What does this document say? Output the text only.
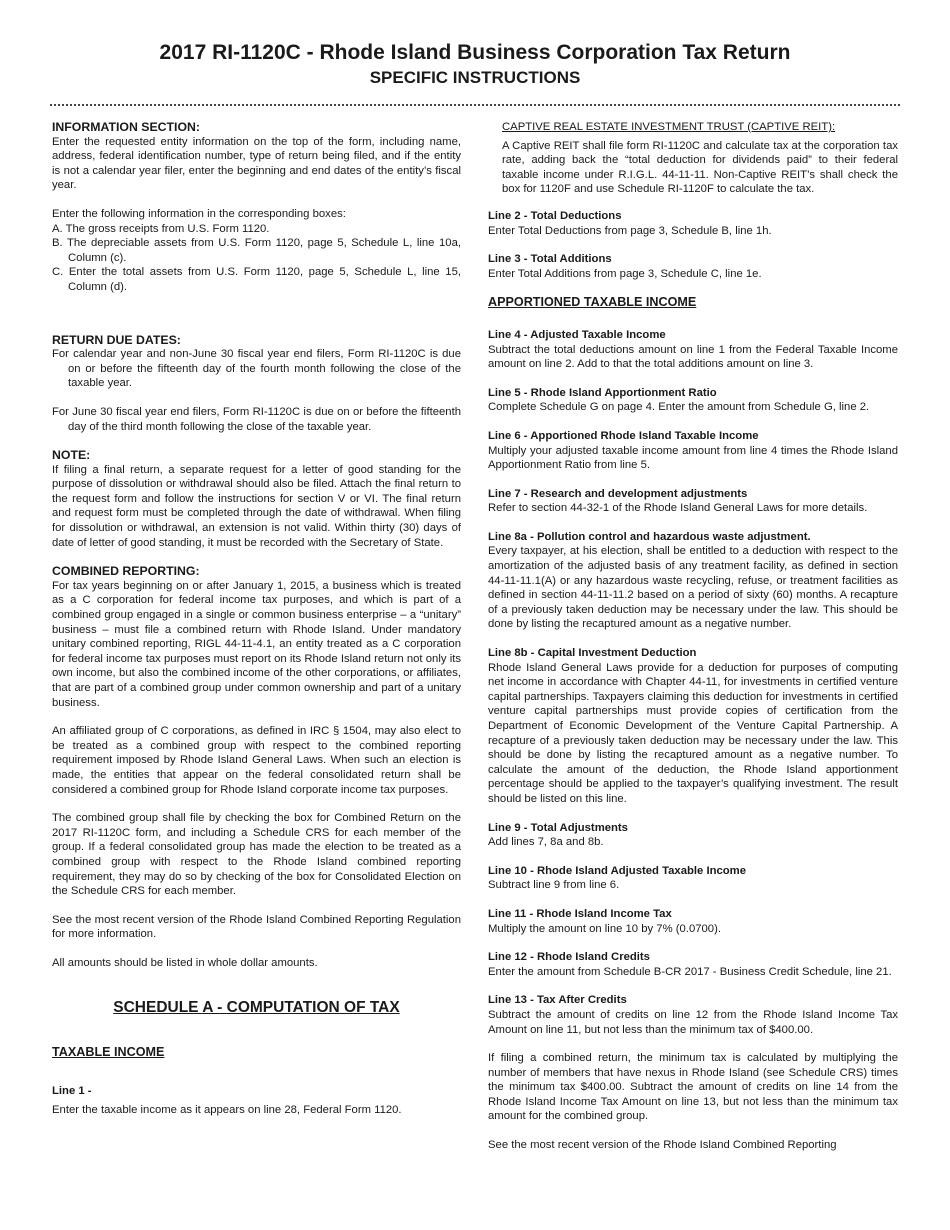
2017 RI-1120C - Rhode Island Business Corporation Tax Return
SPECIFIC INSTRUCTIONS
INFORMATION SECTION:

Enter the requested entity information on the top of the form, including name, address, federal identification number, type of return being filed, and if the entity is not a calendar year filer, enter the beginning and end dates of the entity’s fiscal year.

Enter the following information in the corresponding boxes:

A. The gross receipts from U.S. Form 1120.

B. The depreciable assets from U.S. Form 1120, page 5, Schedule L, line 10a, Column (c).

C. Enter the total assets from U.S. Form 1120, page 5, Schedule L, line 15, Column (d).

RETURN DUE DATES:

For calendar year and non-June 30 fiscal year end filers, Form RI-1120C is due on or before the fifteenth day of the fourth month following the close of the taxable year.

For June 30 fiscal year end filers, Form RI-1120C is due on or before the fifteenth day of the third month following the close of the taxable year.

NOTE:

If filing a final return, a separate request for a letter of good standing for the purpose of dissolution or withdrawal should also be filed. Attach the final return to the request form and follow the instructions for section V or VI. The final return and request form must be completed through the date of withdrawal. When filing for dissolution or withdrawal, an extension is not valid. Within thirty (30) days of date of letter of good standing, it must be recorded with the Secretary of State.

COMBINED REPORTING:

For tax years beginning on or after January 1, 2015, a business which is treated as a C corporation for federal income tax purposes, and which is part of a combined group engaged in a single or common business enterprise – a “unitary” business – must file a combined return with Rhode Island. Under mandatory unitary combined reporting, RIGL 44-11-4.1, an entity treated as a C corporation for federal income tax purposes must report on its Rhode Island return not only its own income, but also the combined income of the other corporations, or affiliates, that are part of a combined group under common ownership and part of a unitary business.

An affiliated group of C corporations, as defined in IRC § 1504, may also elect to be treated as a combined group with respect to the combined reporting requirement imposed by Rhode Island General Laws. When such an election is made, the entities that appear on the federal consolidated return shall be considered a combined group for Rhode Island corporate income tax purposes.

The combined group shall file by checking the box for Combined Return on the 2017 RI-1120C form, and including a Schedule CRS for each member of the group. If a federal consolidated group has made the election to be treated as a combined group with respect to the Rhode Island combined reporting requirement, they may do so by checking of the box for Consolidated Election on the Schedule CRS for each member.

See the most recent version of the Rhode Island Combined Reporting Regulation for more information.

All amounts should be listed in whole dollar amounts.

SCHEDULE A - COMPUTATION OF TAX
TAXABLE INCOME
Line 1 -

Enter the taxable income as it appears on line 28, Federal Form 1120.

CAPTIVE REAL ESTATE INVESTMENT TRUST (CAPTIVE REIT):

A Captive REIT shall file form RI-1120C and calculate tax at the corporation tax rate, adding back the “total deduction for dividends paid” to their federal taxable income under R.I.G.L. 44-11-11. Non-Captive REIT’s shall check the box for 1120F and use Schedule RI-1120F to calculate the tax.

Line 2 - Total Deductions

Enter Total Deductions from page 3, Schedule B, line 1h.

Line 3 - Total Additions

Enter Total Additions from page 3, Schedule C, line 1e.

APPORTIONED TAXABLE INCOME
Line 4 - Adjusted Taxable Income

Subtract the total deductions amount on line 1 from the Federal Taxable Income amount on line 2. Add to that the total additions amount on line 3.

Line 5 - Rhode Island Apportionment Ratio

Complete Schedule G on page 4. Enter the amount from Schedule G, line 2.

Line 6 - Apportioned Rhode Island Taxable Income

Multiply your adjusted taxable income amount from line 4 times the Rhode Island Apportionment Ratio from line 5.

Line 7 - Research and development adjustments

Refer to section 44-32-1 of the Rhode Island General Laws for more details.

Line 8a - Pollution control and hazardous waste adjustment.

Every taxpayer, at his election, shall be entitled to a deduction with respect to the amortization of the adjusted basis of any treatment facility, as defined in section 44-11-11.1(A) or any hazardous waste recycling, refuse, or treatment facilities as defined in section 44-11-11.2 based on a period of sixty (60) months. A recapture of a previously taken deduction may be necessary under the law. This should be done by listing the recaptured amount as a negative number.

Line 8b - Capital Investment Deduction

Rhode Island General Laws provide for a deduction for purposes of computing net income in accordance with Chapter 44-11, for investments in certified venture capital partnerships. Taxpayers claiming this deduction for investments in certified venture capital partnerships must provide copies of certification from the Department of Economic Development of the Venture Capital Partnership. A recapture of a previously taken deduction may be necessary under the law. This should be done by listing the recaptured amount as a negative number. To calculate the amount of the deduction, the Rhode Island apportionment percentage should be applied to the taxpayer’s qualifying investment. The result should be listed on this line.

Line 9 - Total Adjustments

Add lines 7, 8a and 8b.

Line 10 - Rhode Island Adjusted Taxable Income

Subtract line 9 from line 6.

Line 11 - Rhode Island Income Tax

Multiply the amount on line 10 by 7% (0.0700).

Line 12 - Rhode Island Credits

Enter the amount from Schedule B-CR 2017 - Business Credit Schedule, line 21.

Line 13 - Tax After Credits

Subtract the amount of credits on line 12 from the Rhode Island Income Tax Amount on line 11, but not less than the minimum tax of $400.00.

If filing a combined return, the minimum tax is calculated by multiplying the number of members that have nexus in Rhode Island (see Schedule CRS) times the minimum tax $400.00. Subtract the amount of credits on line 14 from the Rhode Island Income Tax Amount on line 13, but not less than the minimum tax amount for the combined group.

See the most recent version of the Rhode Island Combined Reporting
